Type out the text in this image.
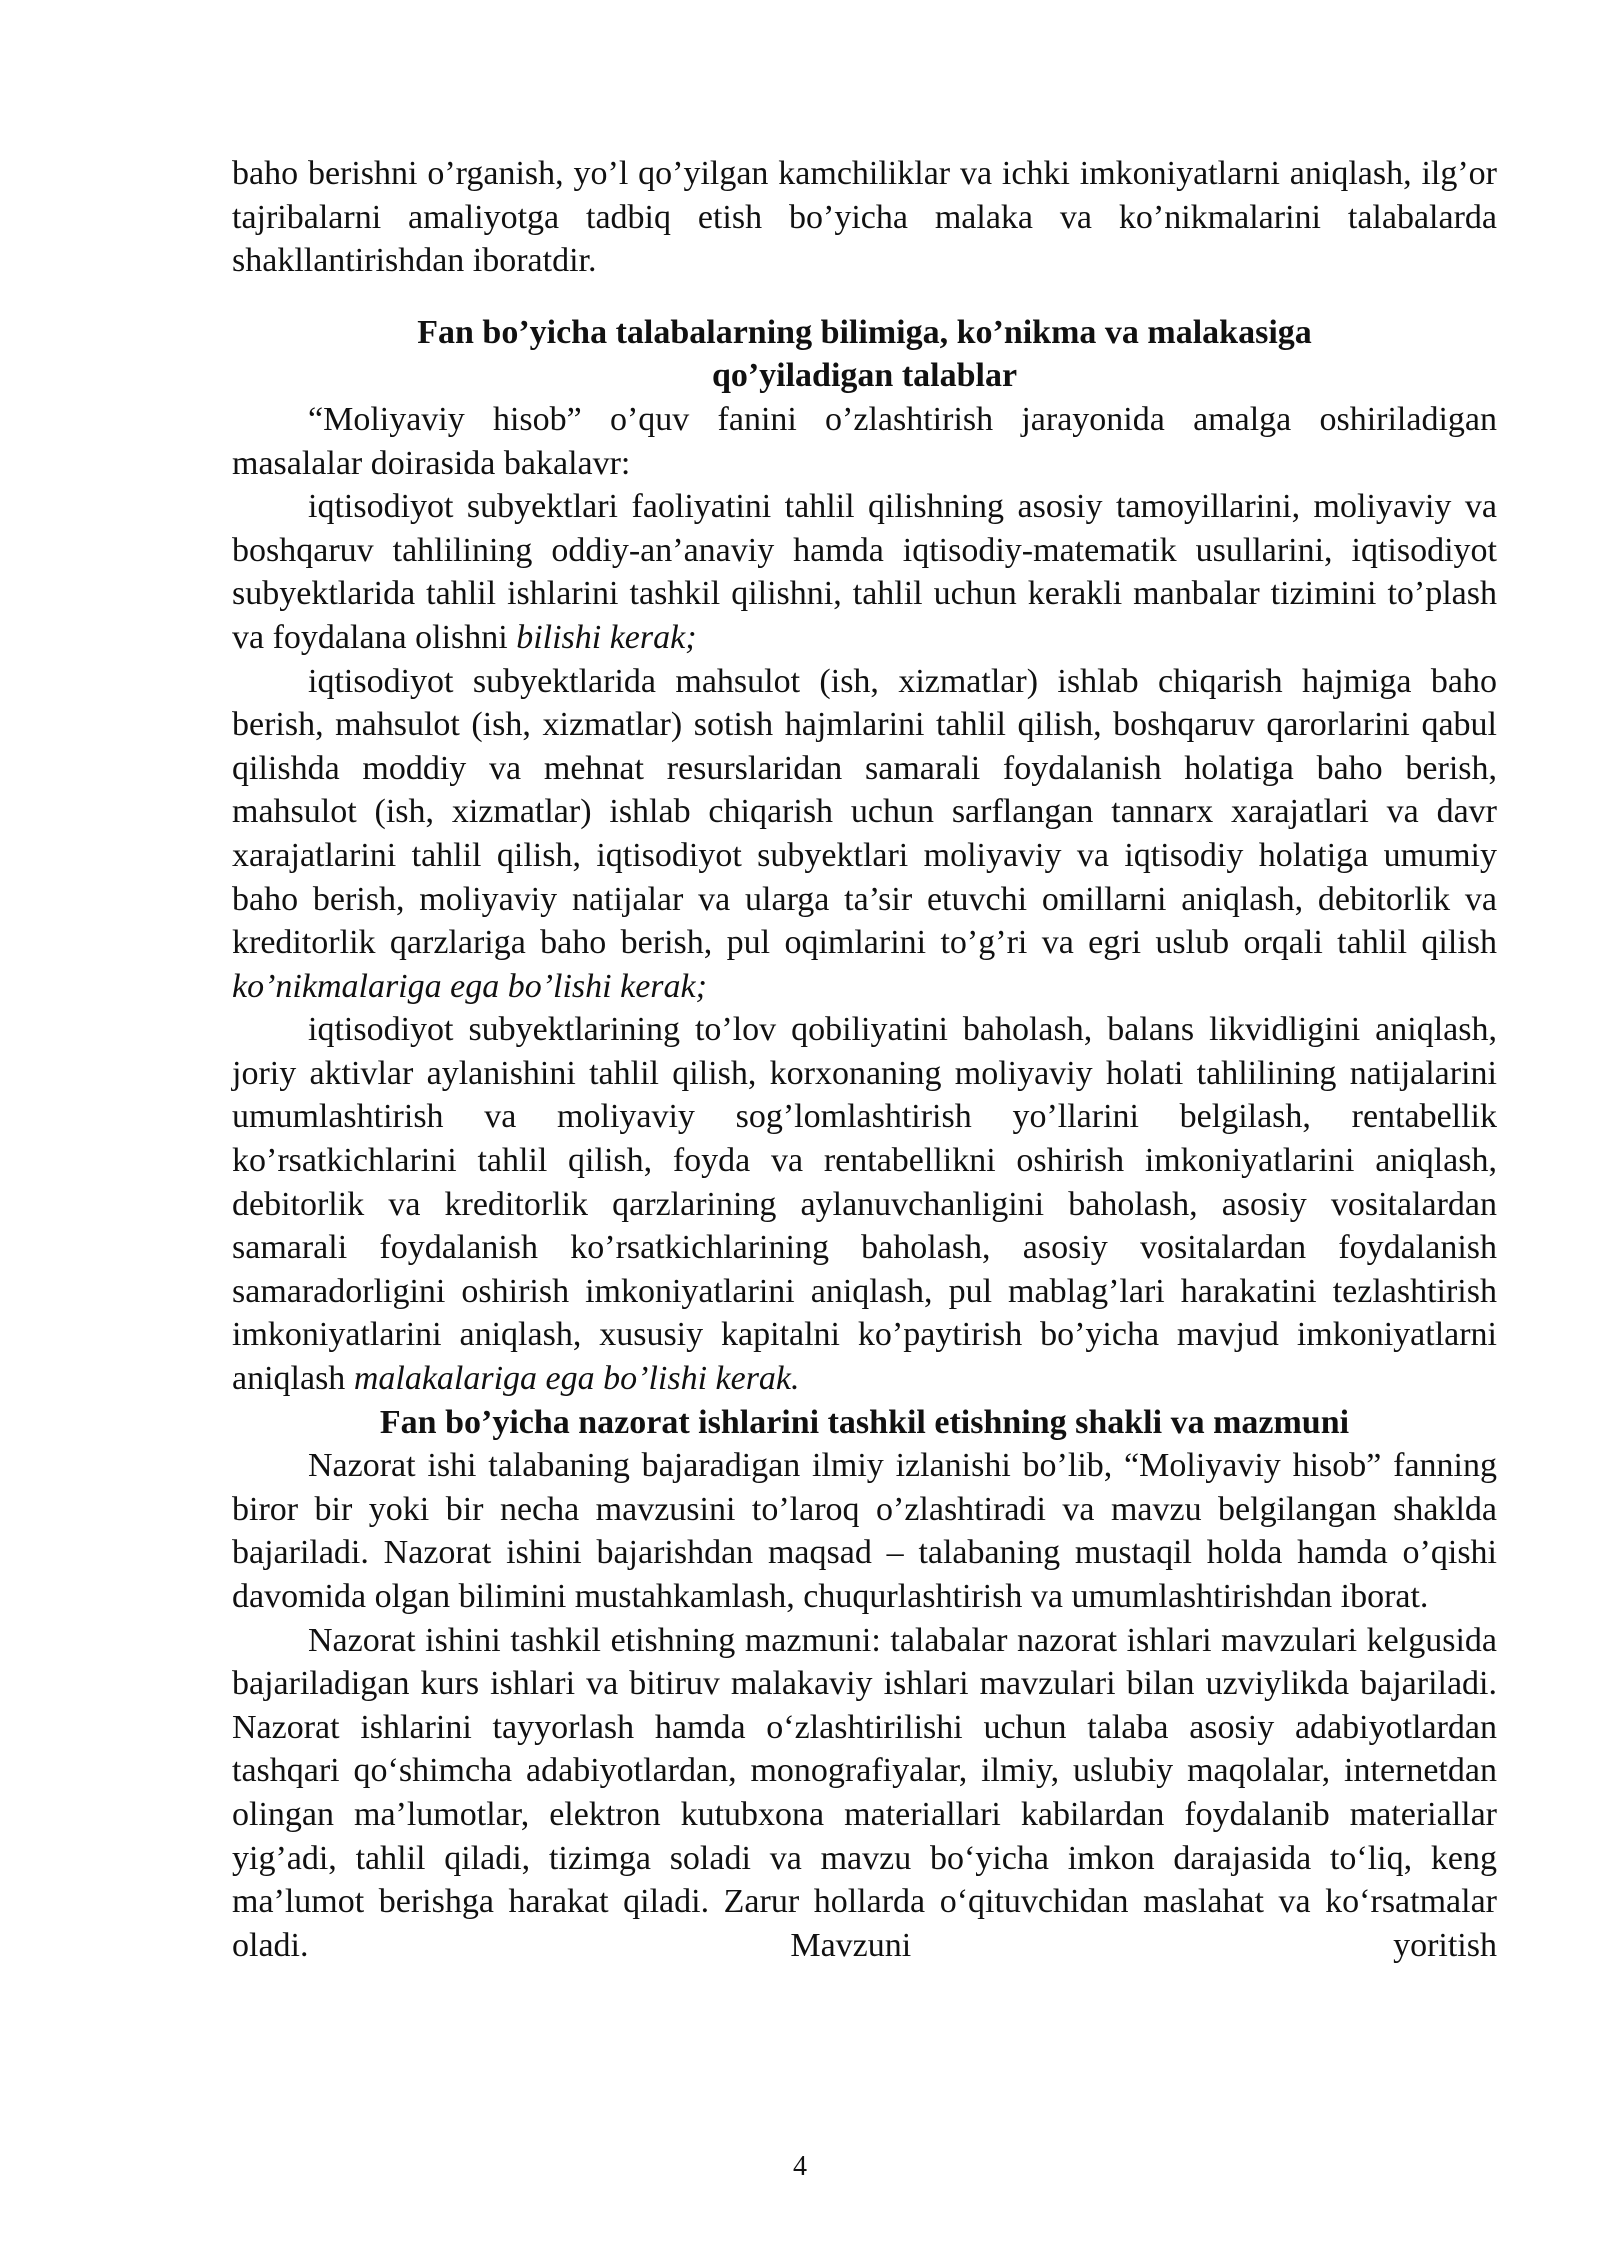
baho berishni o’rganish, yo’l qo’yilgan kamchiliklar va ichki imkoniyatlarni aniqlash, ilg’or tajribalarni amaliyotga tadbiq etish bo’yicha malaka va ko’nikmalarini talabalarda shakllantirishdan iboratdir.

Fan bo’yicha talabalarning bilimiga, ko’nikma va malakasiga
qo’yiladigan talablar

“Moliyaviy hisob” o’quv fanini o’zlashtirish jarayonida amalga oshiriladigan masalalar doirasida bakalavr:

iqtisodiyot subyektlari faoliyatini tahlil qilishning asosiy tamoyillarini, moliyaviy va boshqaruv tahlilining oddiy-an’anaviy hamda iqtisodiy-matematik usullarini, iqtisodiyot subyektlarida tahlil ishlarini tashkil qilishni, tahlil uchun kerakli manbalar tizimini to’plash va foydalana olishni bilishi kerak;

iqtisodiyot subyektlarida mahsulot (ish, xizmatlar) ishlab chiqarish hajmiga baho berish, mahsulot (ish, xizmatlar) sotish hajmlarini tahlil qilish, boshqaruv qarorlarini qabul qilishda moddiy va mehnat resurslaridan samarali foydalanish holatiga baho berish, mahsulot (ish, xizmatlar) ishlab chiqarish uchun sarflangan tannarx xarajatlari va davr xarajatlarini tahlil qilish, iqtisodiyot subyektlari moliyaviy va iqtisodiy holatiga umumiy baho berish, moliyaviy natijalar va ularga ta’sir etuvchi omillarni aniqlash, debitorlik va kreditorlik qarzlariga baho berish, pul oqimlarini to’g’ri va egri uslub orqali tahlil qilish ko’nikmalariga ega bo’lishi kerak;

iqtisodiyot subyektlarining to’lov qobiliyatini baholash, balans likvidligini aniqlash, joriy aktivlar aylanishini tahlil qilish, korxonaning moliyaviy holati tahlilining natijalarini umumlashtirish va moliyaviy sog’lomlashtirish yo’llarini belgilash, rentabellik ko’rsatkichlarini tahlil qilish, foyda va rentabellikni oshirish imkoniyatlarini aniqlash, debitorlik va kreditorlik qarzlarining aylanuvchanligini baholash, asosiy vositalardan samarali foydalanish ko’rsatkichlarining baholash, asosiy vositalardan foydalanish samaradorligini oshirish imkoniyatlarini aniqlash, pul mablag’lari harakatini tezlashtirish imkoniyatlarini aniqlash, xususiy kapitalni ko’paytirish bo’yicha mavjud imkoniyatlarni aniqlash malakalariga ega bo’lishi kerak.

Fan bo’yicha nazorat ishlarini tashkil etishning shakli va mazmuni

Nazorat ishi talabaning bajaradigan ilmiy izlanishi bo’lib, “Moliyaviy hisob” fanning biror bir yoki bir necha mavzusini to’laroq o’zlashtiradi va mavzu belgilangan shaklda bajariladi. Nazorat ishini bajarishdan maqsad – talabaning mustaqil holda hamda o’qishi davomida olgan bilimini mustahkamlash, chuqurlashtirish va umumlashtirishdan iborat.

Nazorat ishini tashkil etishning mazmuni: talabalar nazorat ishlari mavzulari kelgusida bajariladigan kurs ishlari va bitiruv malakaviy ishlari mavzulari bilan uzviylikda bajariladi. Nazorat ishlarini tayyorlash hamda o‘zlashtirilishi uchun talaba asosiy adabiyotlardan tashqari qo‘shimcha adabiyotlardan, monografiyalar, ilmiy, uslubiy maqolalar, internetdan olingan ma’lumotlar, elektron kutubxona materiallari kabilardan foydalanib materiallar yig’adi, tahlil qiladi, tizimga soladi va mavzu bo‘yicha imkon darajasida to‘liq, keng ma’lumot berishga harakat qiladi. Zarur hollarda o‘qituvchidan maslahat va ko‘rsatmalar oladi. Mavzuni yoritish

4
